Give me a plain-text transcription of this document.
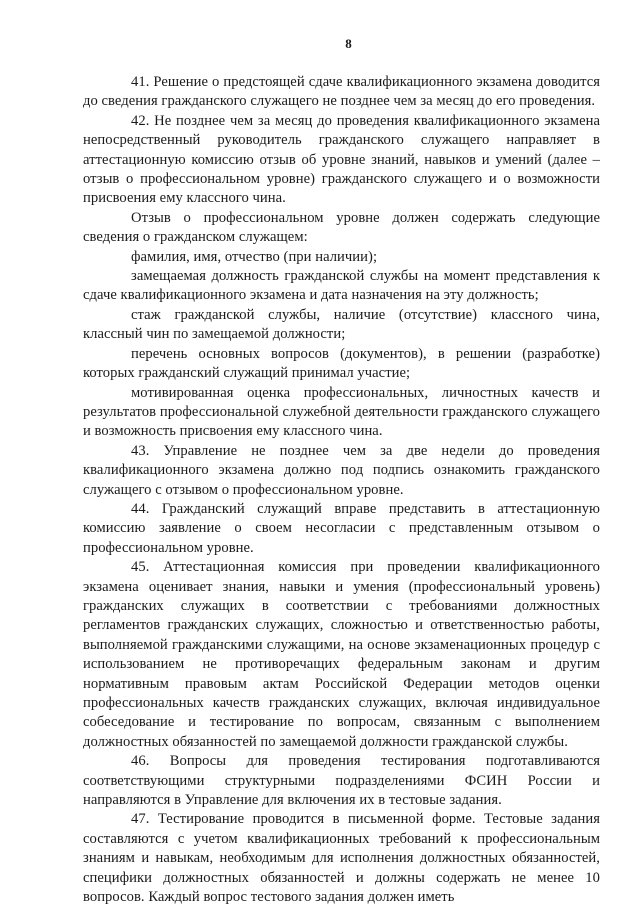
8

41. Решение о предстоящей сдаче квалификационного экзамена доводится до сведения гражданского служащего не позднее чем за месяц до его проведения.

42. Не позднее чем за месяц до проведения квалификационного экзамена непосредственный руководитель гражданского служащего направляет в аттестационную комиссию отзыв об уровне знаний, навыков и умений (далее – отзыв о профессиональном уровне) гражданского служащего и о возможности присвоения ему классного чина.

Отзыв о профессиональном уровне должен содержать следующие сведения о гражданском служащем:

фамилия, имя, отчество (при наличии);

замещаемая должность гражданской службы на момент представления к сдаче квалификационного экзамена и дата назначения на эту должность;

стаж гражданской службы, наличие (отсутствие) классного чина, классный чин по замещаемой должности;

перечень основных вопросов (документов), в решении (разработке) которых гражданский служащий принимал участие;

мотивированная оценка профессиональных, личностных качеств и результатов профессиональной служебной деятельности гражданского служащего и возможность присвоения ему классного чина.

43. Управление не позднее чем за две недели до проведения квалификационного экзамена должно под подпись ознакомить гражданского служащего с отзывом о профессиональном уровне.

44. Гражданский служащий вправе представить в аттестационную комиссию заявление о своем несогласии с представленным отзывом о профессиональном уровне.

45. Аттестационная комиссия при проведении квалификационного экзамена оценивает знания, навыки и умения (профессиональный уровень) гражданских служащих в соответствии с требованиями должностных регламентов гражданских служащих, сложностью и ответственностью работы, выполняемой гражданскими служащими, на основе экзаменационных процедур с использованием не противоречащих федеральным законам и другим нормативным правовым актам Российской Федерации методов оценки профессиональных качеств гражданских служащих, включая индивидуальное собеседование и тестирование по вопросам, связанным с выполнением должностных обязанностей по замещаемой должности гражданской службы.

46. Вопросы для проведения тестирования подготавливаются соответствующими структурными подразделениями ФСИН России и направляются в Управление для включения их в тестовые задания.

47. Тестирование проводится в письменной форме. Тестовые задания составляются с учетом квалификационных требований к профессиональным знаниям и навыкам, необходимым для исполнения должностных обязанностей, специфики должностных обязанностей и должны содержать не менее 10 вопросов. Каждый вопрос тестового задания должен иметь
